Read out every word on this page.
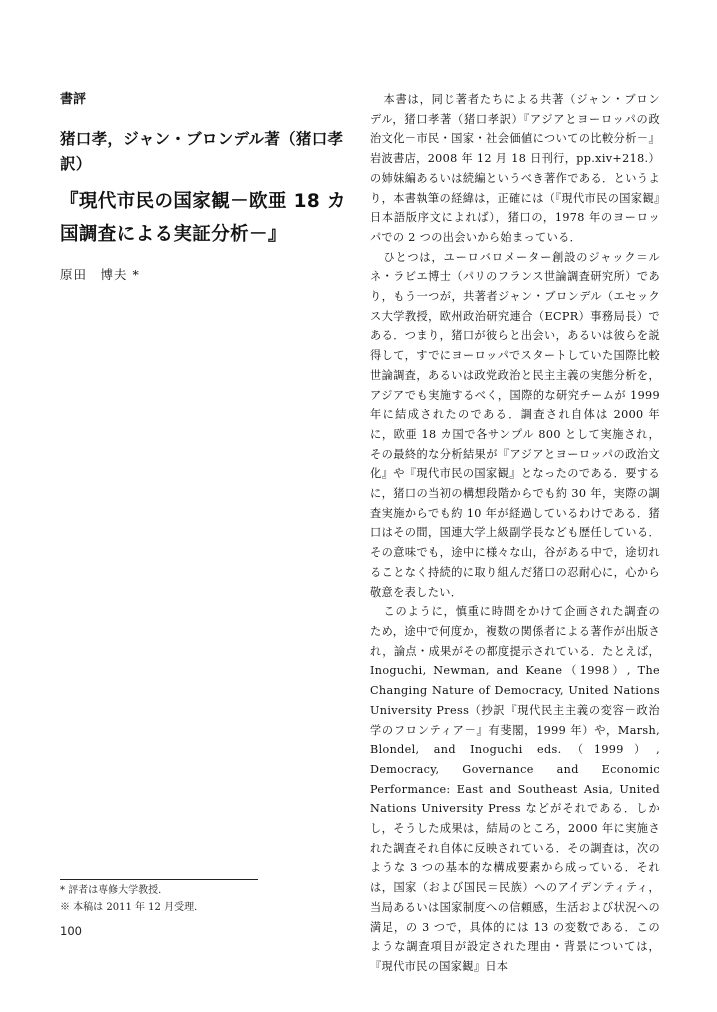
書評

猪口孝，ジャン・ブロンデル著（猪口孝訳）

『現代市民の国家観－欧亜 18 カ国調査による実証分析－』

原田　博夫 *

本書は，同じ著者たちによる共著（ジャン・ブロンデル，猪口孝著（猪口孝訳）『アジアとヨーロッパの政治文化－市民・国家・社会価値についての比較分析－』岩波書店，2008 年 12 月 18 日刊行，pp.xiv+218.）の姉妹編あるいは続編というべき著作である．というより，本書執筆の経緯は，正確には（『現代市民の国家観』日本語版序文によれば），猪口の，1978 年のヨーロッパでの 2 つの出会いから始まっている．

ひとつは，ユーロバロメーター創設のジャック＝ルネ・ラビエ博士（パリのフランス世論調査研究所）であり，もう一つが，共著者ジャン・ブロンデル（エセックス大学教授，欧州政治研究連合（ECPR）事務局長）である．つまり，猪口が彼らと出会い，あるいは彼らを説得して，すでにヨーロッパでスタートしていた国際比較世論調査，あるいは政党政治と民主主義の実態分析を，アジアでも実施するべく，国際的な研究チームが 1999 年に結成されたのである．調査され自体は 2000 年に，欧亜 18 カ国で各サンプル 800 として実施され，その最終的な分析結果が『アジアとヨーロッパの政治文化』や『現代市民の国家観』となったのである．要するに，猪口の当初の構想段階からでも約 30 年，実際の調査実施からでも約 10 年が経過しているわけである．猪口はその間，国連大学上級副学長なども歴任している．その意味でも，途中に様々な山，谷がある中で，途切れることなく持続的に取り組んだ猪口の忍耐心に，心から敬意を表したい．

このように，慎重に時間をかけて企画された調査のため，途中で何度か，複数の関係者による著作が出版され，論点・成果がその都度提示されている．たとえば，Inoguchi, Newman, and Keane（1998）, The Changing Nature of Democracy, United Nations University Press（抄訳『現代民主主義の変容－政治学のフロンティア－』有斐閣，1999 年）や，Marsh, Blondel, and Inoguchi eds.（1999）, Democracy, Governance and Economic Performance: East and Southeast Asia, United Nations University Press などがそれである．しかし，そうした成果は，結局のところ，2000 年に実施された調査それ自体に反映されている．その調査は，次のような 3 つの基本的な構成要素から成っている．それは，国家（および国民＝民族）へのアイデンティティ，当局あるいは国家制度への信頼感，生活および状況への満足，の 3 つで，具体的には 13 の変数である．このような調査項目が設定された理由・背景については，『現代市民の国家観』日本

* 評者は専修大学教授．
※ 本稿は 2011 年 12 月受理．
100
